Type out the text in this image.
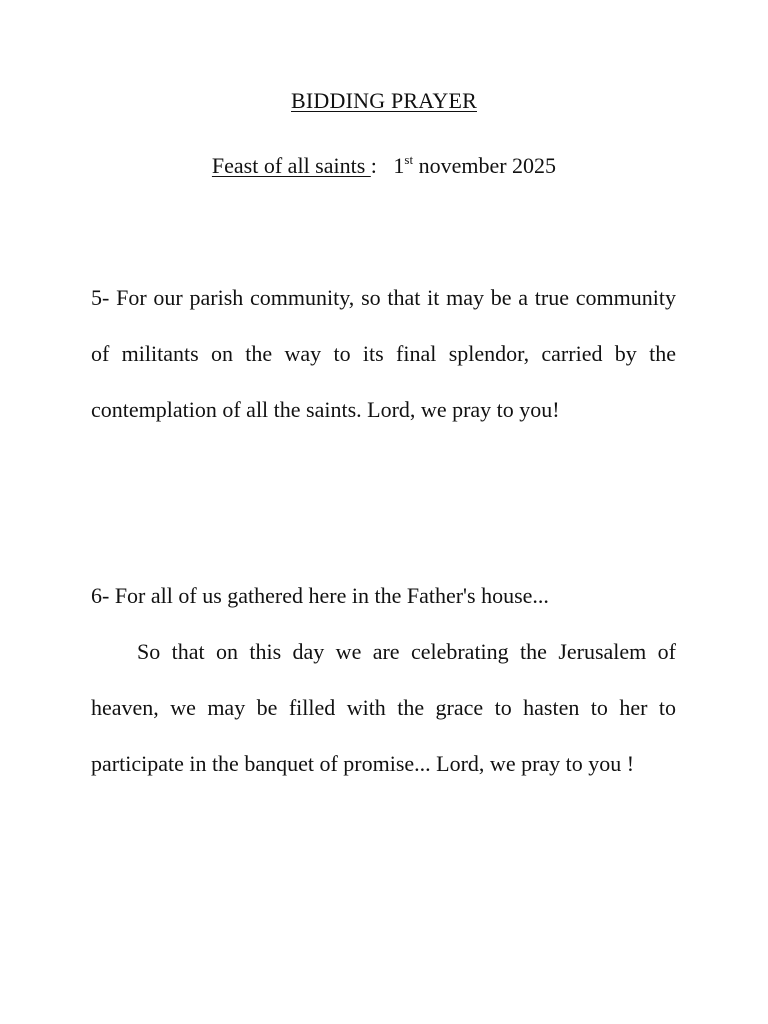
BIDDING PRAYER
Feast of all saints :   1st november 2025

5- For our parish community, so that it may be a true community of militants on the way to its final splendor, carried by the contemplation of all the saints. Lord, we pray to you!

6- For all of us gathered here in the Father's house...
So that on this day we are celebrating the Jerusalem of heaven, we may be filled with the grace to hasten to her to participate in the banquet of promise... Lord, we pray to you !
